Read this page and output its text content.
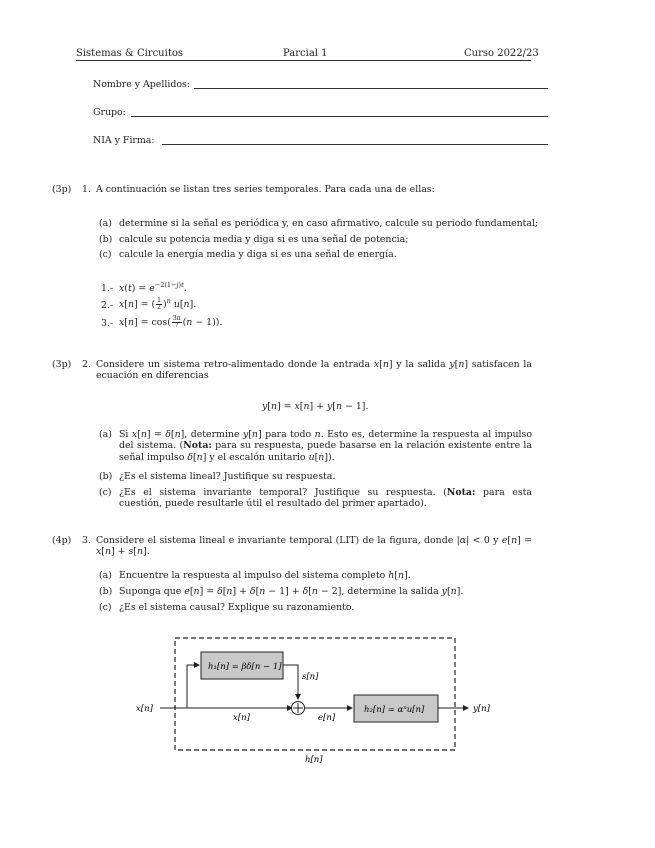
Sistemas & Circuitos	Parcial 1	Curso 2022/23
Nombre y Apellidos:
Grupo:
NIA y Firma:
(3p) 1. A continuación se listan tres series temporales. Para cada una de ellas:
(a) determine si la señal es periódica y, en caso afirmativo, calcule su periodo fundamental;
(b) calcule su potencia media y diga si es una señal de potencia;
(c) calcule la energía media y diga si es una señal de energía.
1.- $x(t) = e^{-2(1-j)t}$.
2.- x[n] = ( $\frac{1}{2} )^n$ u[n].
3.- $x[n] = \cos( \frac{3\pi}{7} (n - 1))$.
(3p) 2. Considere un sistema retro-alimentado donde la entrada x[n] y la salida y[n] satisfacen la ecuación en diferencias
y[n] = x[n] + y[n − 1].
(a) Si x[n] = δ[n], determine y[n] para todo n. Esto es, determine la respuesta al impulso del sistema. (Nota: para su respuesta, puede basarse en la relación existente entre la señal impulso δ[n] y el escalón unitario u[n]).
(b) ¿Es el sistema lineal? Justifique su respuesta.
(c) ¿Es el sistema invariante temporal? Justifique su respuesta. (Nota: para esta cuestión, puede resultarle útil el resultado del primer apartado).
(4p) 3. Considere el sistema lineal e invariante temporal (LIT) de la figura, donde |α| < 0 y e[n] = x[n] + s[n].
(a) Encuentre la respuesta al impulso del sistema completo h[n].
(b) Suponga que e[n] = δ[n] + δ[n − 1] + δ[n − 2], determine la salida y[n].
(c) ¿Es el sistema causal? Explique su razonamiento.
x[n]
x[n]
s[n]
e[n]
y[n]
h[n]
h₁[n] = βδ[n − 1]
h₂[n] = αⁿu[n]
